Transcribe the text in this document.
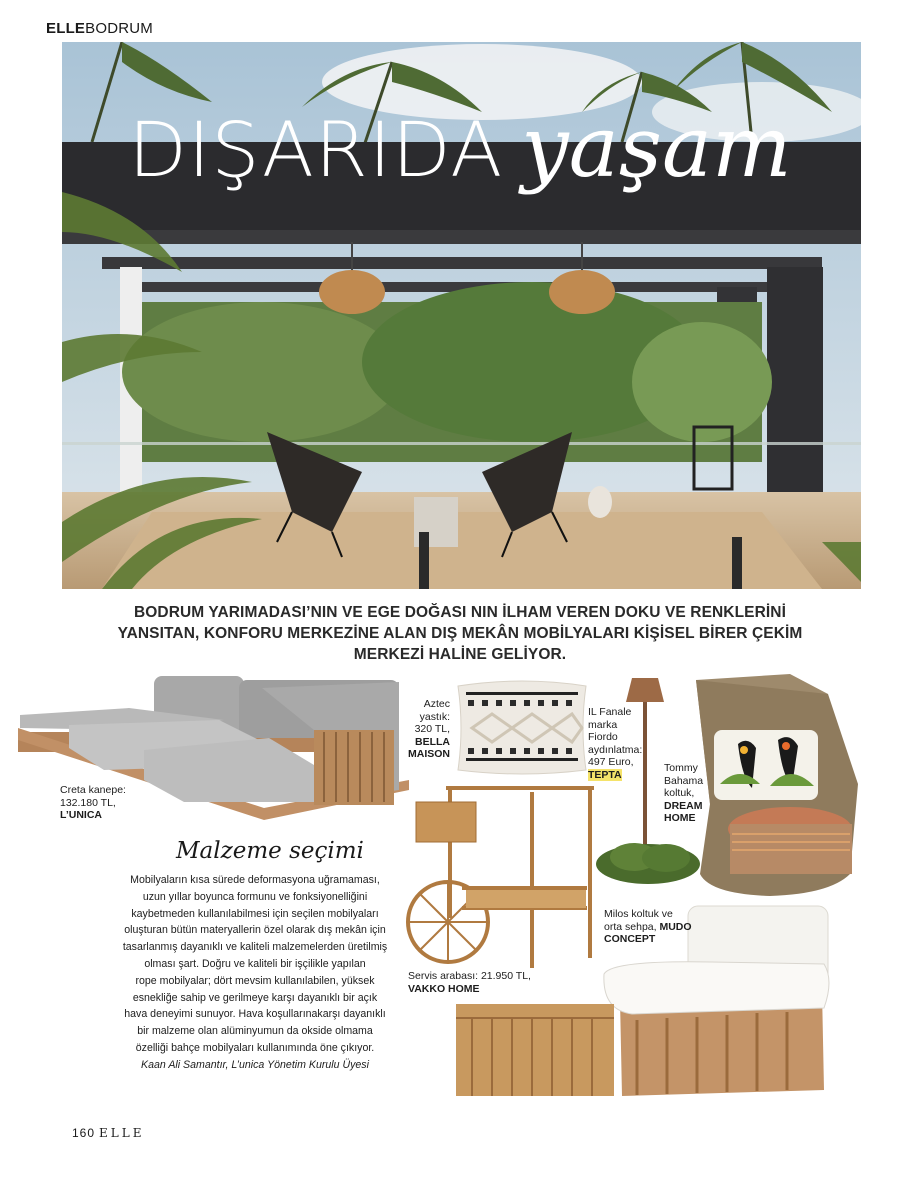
ELLEBODRUM
DIŞARIDA yaşam
BODRUM YARIMADASI’NIN VE EGE DOĞASI NIN İLHAM VEREN DOKU VE RENKLERİNİ YANSITAN, KONFORU MERKEZİNE ALAN DIŞ MEKÂN MOBİLYALARI KİŞİSEL BİRER ÇEKİM MERKEZİ HALİNE GELİYOR.
Creta kanepe:
132.180 TL,
L’UNICA
Aztec
yastık:
320 TL,
BELLA
MAISON
IL Fanale
marka
Fiordo
aydınlatma:
497 Euro,
TEPTA
Tommy
Bahama
koltuk,
DREAM
HOME
Servis arabası: 21.950 TL,
VAKKO HOME
Milos koltuk ve
orta sehpa, MUDO
CONCEPT
Malzeme seçimi
Mobilyaların kısa sürede deformasyona uğramaması,
uzun yıllar boyunca formunu ve fonksiyonelliğini
kaybetmeden kullanılabilmesi için seçilen mobilyaları
oluşturan bütün materyallerin özel olarak dış mekân için
tasarlanmış dayanıklı ve kaliteli malzemelerden üretilmiş
olması şart. Doğru ve kaliteli bir işçilikle yapılan
rope mobilyalar; dört mevsim kullanılabilen, yüksek
esnekliğe sahip ve gerilmeye karşı dayanıklı bir açık
hava deneyimi sunuyor. Hava koşullarınakarşı dayanıklı
bir malzeme olan alüminyumun da okside olmama
özelliği bahçe mobilyaları kullanımında öne çıkıyor.
Kaan Ali Samantır, L’unica Yönetim Kurulu Üyesi
160 ELLE
